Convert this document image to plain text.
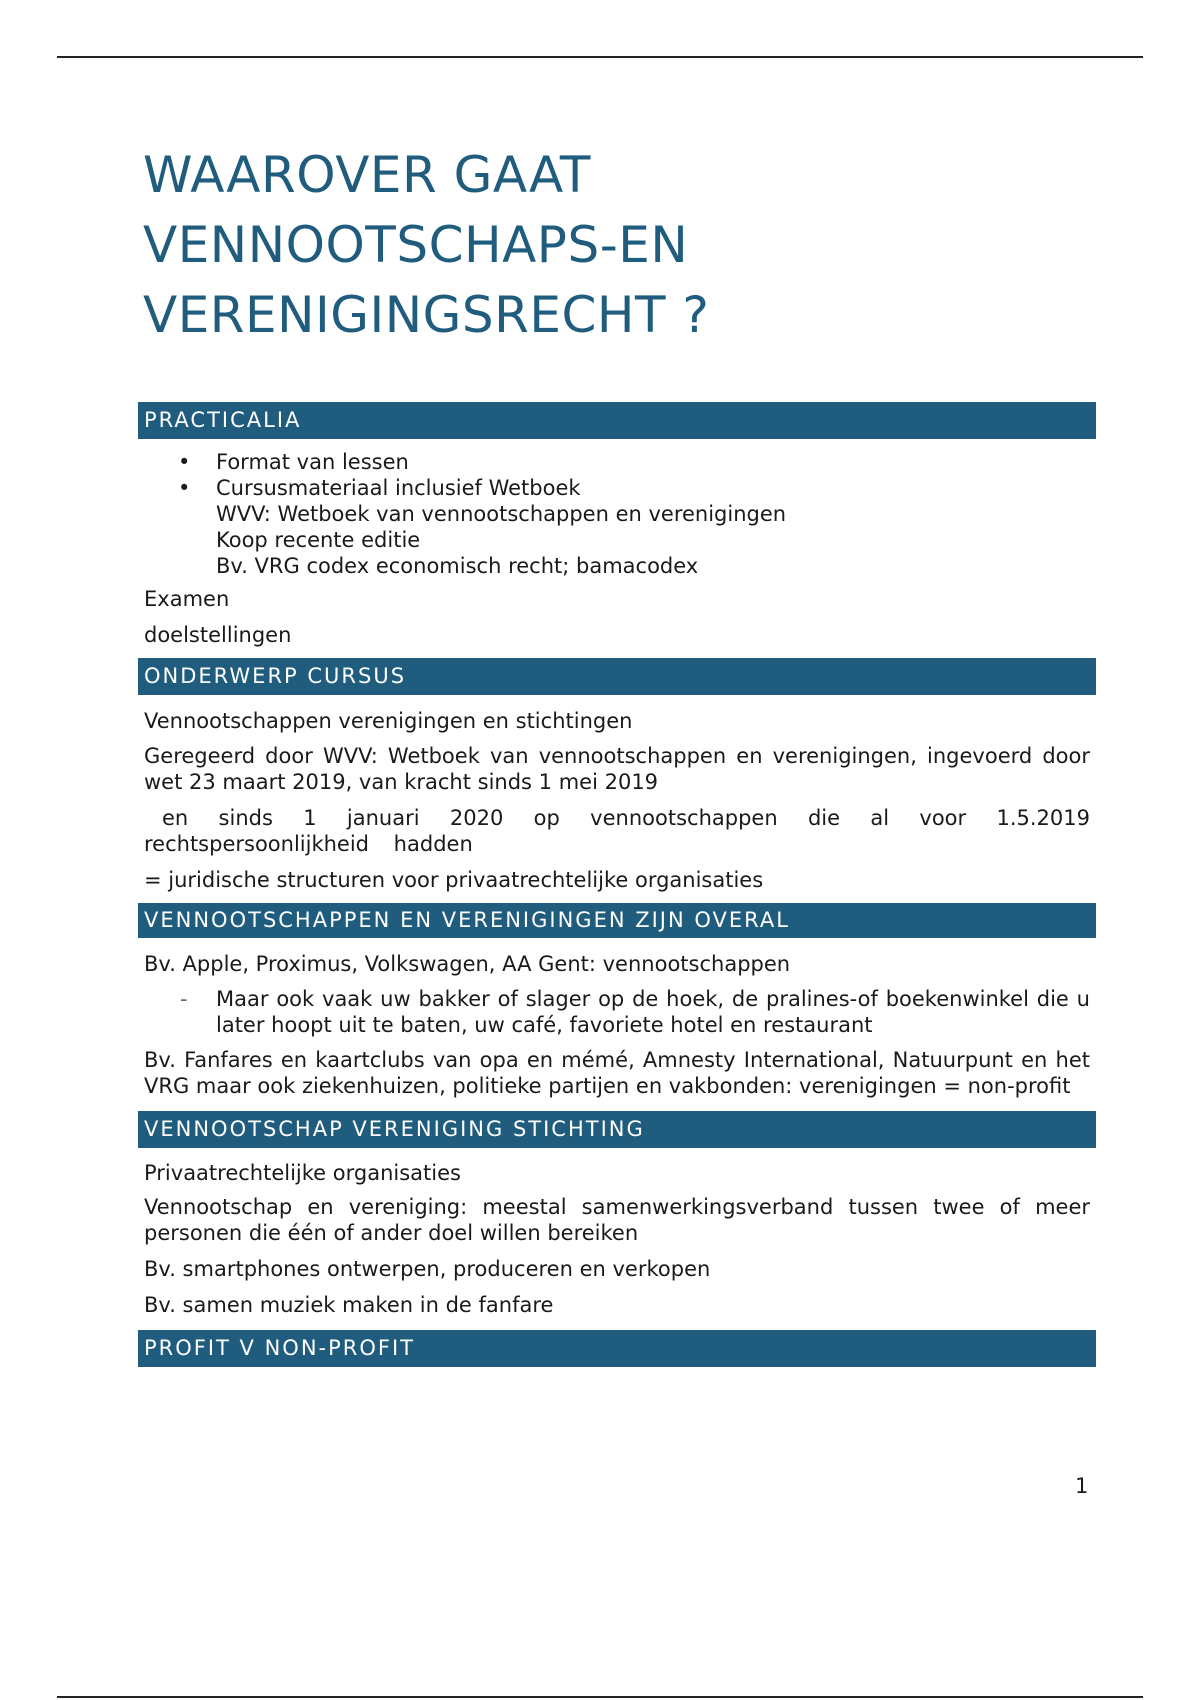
WAAROVER GAAT
VENNOOTSCHAPS-EN
VERENIGINGSRECHT ?
PRACTICALIA
• Format van lessen
• Cursusmateriaal inclusief Wetboek

WVV: Wetboek van vennootschappen en verenigingen

Koop recente editie

Bv. VRG codex economisch recht; bamacodex

Examen

doelstellingen

ONDERWERP CURSUS

Vennootschappen verenigingen en stichtingen

Geregeerd door WVV: Wetboek van vennootschappen en verenigingen, ingevoerd door wet 23 maart 2019, van kracht sinds 1 mei 2019

en sinds 1 januari 2020 op vennootschappen die al voor 1.5.2019 rechtspersoonlijkheid hadden

= juridische structuren voor privaatrechtelijke organisaties

VENNOOTSCHAPPEN EN VERENIGINGEN ZIJN OVERAL

Bv. Apple, Proximus, Volkswagen, AA Gent: vennootschappen

- Maar ook vaak uw bakker of slager op de hoek, de pralines-of boekenwinkel die u later hoopt uit te baten, uw café, favoriete hotel en restaurant

Bv. Fanfares en kaartclubs van opa en mémé, Amnesty International, Natuurpunt en het VRG maar ook ziekenhuizen, politieke partijen en vakbonden: verenigingen = non-profit

VENNOOTSCHAP VERENIGING STICHTING

Privaatrechtelijke organisaties

Vennootschap en vereniging: meestal samenwerkingsverband tussen twee of meer personen die één of ander doel willen bereiken

Bv. smartphones ontwerpen, produceren en verkopen

Bv. samen muziek maken in de fanfare

PROFIT V NON-PROFIT
1
